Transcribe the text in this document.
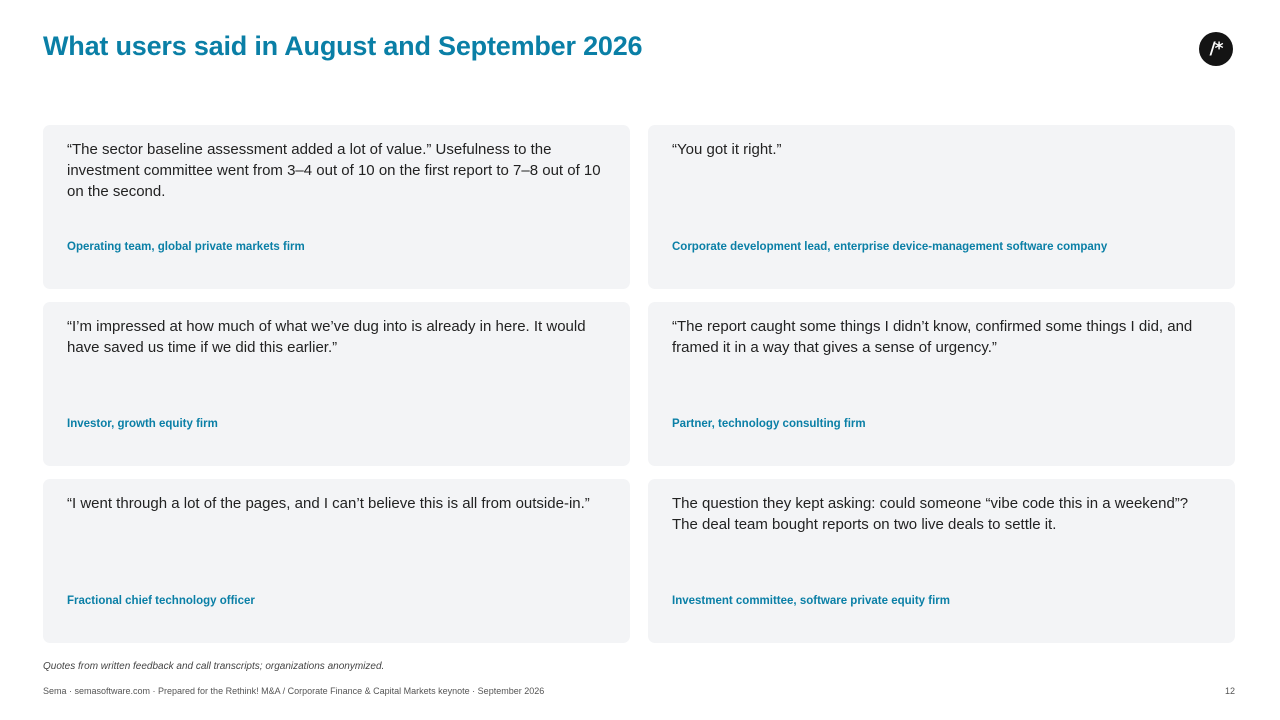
What users said in August and September 2026	/*

“The sector baseline assessment added a lot of value.” Usefulness to the investment committee went from 3–4 out of 10 on the first report to 7–8 out of 10 on the second.

Operating team, global private markets firm

“You got it right.”

Corporate development lead, enterprise device-management software company

“I’m impressed at how much of what we’ve dug into is already in here. It would have saved us time if we did this earlier.”

Investor, growth equity firm

“The report caught some things I didn’t know, confirmed some things I did, and framed it in a way that gives a sense of urgency.”

Partner, technology consulting firm

“I went through a lot of the pages, and I can’t believe this is all from outside-in.”

Fractional chief technology officer

The question they kept asking: could someone “vibe code this in a weekend”? The deal team bought reports on two live deals to settle it.

Investment committee, software private equity firm
Quotes from written feedback and call transcripts; organizations anonymized.
Sema · semasoftware.com · Prepared for the Rethink! M&A / Corporate Finance & Capital Markets keynote · September 2026	12
